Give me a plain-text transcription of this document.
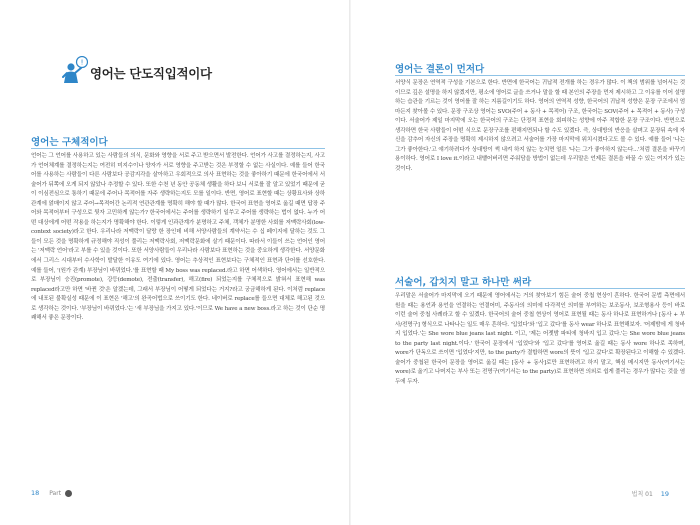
!
영어는 단도직입적이다
영어는 구체적이다

언어는 그 언어를 사용하고 있는 사람들의 의식, 문화와 영향을 서로 주고 받으면서 발전한다. 언어가 사고를 결정하는지, 사고가 언어체계를 결정하는지는 여전히 미지수이나 양자가 서로 영향을 주고받는 것은 부정할 수 없는 사실이다. 예를 들어 한국어를 사용하는 사람들이 다른 사람보다 공감지각을 살아하고 우회적으로 의사 표현하는 것을 좋아하기 때문에 한국어에서 서술어가 뒤쪽에 오게 되지 않았나 추정할 수 있다. 또한 수천 년 동안 공동체 생활을 하다 보니 서로를 잘 알고 있었기 때문에 굳이 이심전심으로 통하기 때문에 주어나 목적어를 자주 생략하는지도 모를 일이다. 반면, 영어로 표현할 때는 상황묘사와 상하관계에 얽매이지 않고 주어→목적어간 논리적 연관관계를 명확히 해야 할 때가 많다. 한국어 표현을 영어로 옮길 때면 답장 주어와 목적어부터 구성으로 뒷자 고민하게 않는가? 한국어에서는 주어를 생략하기 일쑤고 주어를 생략하는 법이 없다. 누가 어떤 대상에게 어떤 작용을 하는지가 명확해야 한다. 이렇게 인과관계가 분명하고 주체, 객체가 분명한 사회를 저맥락사회(low-context society)라고 한다. 우리나라 저맥락이 달랑 한 장인데 비해 서양사람들의 계약서는 수 십 페이지에 달하는 것도 그들이 모든 것을 명확하게 규정해야 직성이 풀리는 저맥락사회, 저맥락문화에 살기 때문이다. 따라서 이들이 쓰는 언어인 영어는 '저맥락 언어'라고 부를 수 있을 것이다. 또한 서양사람들이 우리나라 사람보다 표현하는 것을 중요하게 생각한다. 서양문화에서 그리스 시대부터 수사학이 발달한 이유도 여기에 있다. 영어는 추상적인 표현보다는 구체적인 표현과 단어를 선호한다. 예를 들어, '(원가 관계) 부장님이 바뀌었다.'를 표현할 때 My boss was replaced.라고 하면 어색하다. 영어에서는 일반적으로 부장님이 승진(promote), 강등(demote), 전출(transfer), 해고(fire) 되었는지를 구체적으로 밝혀서 표현해 was replaced라고만 하면 '바뀐 것'은 알겠는데, 그래서 부장님이 어떻게 되었다는 거지?라고 궁금해하게 된다. 이처럼 replace에 내포된 불확실성 때문에 이 표현은 '해고'의 완곡어법으로 쓰이기도 한다. 네이버로 replace를 들으면 대체로 해고된 것으로 생각하는 것이다. '부장님이 바뀌었다.'는 '새 부장님을 가지고 있다.'이므로 We have a new boss.라고 하는 것이 단순 명쾌해서 좋은 문장이다.

18 Part
영어는 결론이 먼저다

서양식 문장은 연역적 구성을 기본으로 한다. 반면에 한국어는 귀납적 전개를 하는 경우가 많다. 이 책의 범위를 넘어서는 것이므로 깊은 설명을 하지 않겠지만, 평소에 영어로 글을 쓰거나 말을 할 때 본인의 주장을 먼저 제시하고 그 이유를 이어 설명하는 습관을 기르는 것이 영어를 잘 하는 지름길이기도 하다. 영어의 연역적 성향, 한국어의 귀납적 성향은 문장 구조에서 엄마든지 찾아볼 수 있다. 문장 구조상 영어는 SVO(주어 + 동사 + 목적어) 구조, 한국어는 SOV(주어 + 목적어 + 동사) 구성이다. 서술어가 제일 마지막에 오는 한국어의 구조는 단정적 표현을 회피하는 성향에 아주 적합한 문장 구조이다. 반면으로 생각하면 한국 사람들이 어떤 식으로 문장구조를 편해지면되나 할 수도 있겠다. 즉, 상대방의 반응을 살펴고 문장뒤 속에 자신을 감추어 자신의 주장을 명확히 제시하지 않으려고 서술어를 가장 마지막에 위치시켰다고도 볼 수 있다. 예를 들어 '나는 그가 좋아한다.'고 얘기하려다가 상대방이 썩 내켜 하지 않는 눈치면 얼른 '나는 그가 좋아하지 않는다...'처럼 결론을 바꾸기 용이하다. 영어로 I love it.이라고 내뱉어버리면 주워담을 방법이 없는데 우리말은 언제든 결론을 바꿀 수 있는 여지가 있는 것이다.

서술어, 갑치지 말고 하나만 써라

우리말은 서술어가 마지막에 오기 때문에 영어에서는 거의 찾아보기 힘든 술어 중첩 현상이 흔하다. 한국어 문법 측면에서 원을 때는 용언과 용언을 연결하는 연결어미, 주동사의 의미에 다각적인 의미를 부여하는 보조동사, 보조형용사 등이 바로 이런 술어 중첩 사례라고 할 수 있겠다. 한국어의 술어 중첩 현상이 영어로 표현될 때는 동사 하나로 표현하거나 [동사 + 부사/전명구] 형식으로 나타나는 일도 매우 흔하다. '입었다'와 '입고 갔다'를 동사 wear 하나로 표현해보자. '어제밤에 게 청바지 입었다.'는 She wore blue jeans last night. 이고, '제는 어젯밤 파티에 청바지 입고 갔다.'는 She wore blue jeans to the party last night.이다.' 한국어 문장에서 '입었다'와 '입고 갔다'를 영어로 옮길 때는 동사 wore 하나로 족하며, wore가 단독으로 쓰이면 '입었다'지만, to the party가 결합하면 wore의 뜻이 '입고 갔다'로 확장된다고 이해할 수 있겠다. 술어가 중첩된 한국어 문장을 영어로 옮길 때는 [동사 + 동사]로만 표현하려고 하지 말고, 핵심 메시지만 동사(여기서는 wore)로 옮기고 나머지는 부사 또는 전명구(여기서는 to the party)로 표현하면 의외로 쉽게 풀리는 경우가 많다는 것을 염두에 두자.

법칙 01 19
